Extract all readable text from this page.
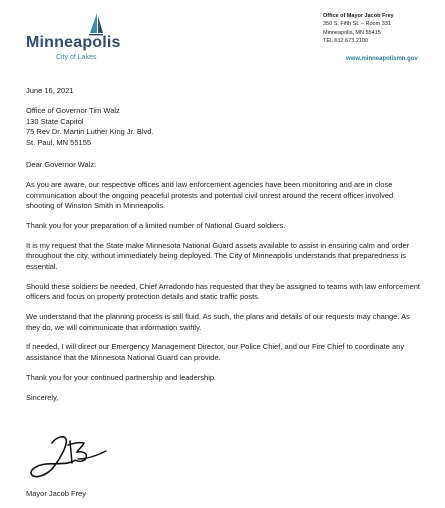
Minneapolis
City of Lakes
Office of Mayor Jacob Frey
350 S. Fifth St. – Room 331
Minneapolis, MN 55415
TEL 612.673.2100
www.minneapolismn.gov

June 16, 2021

Office of Governor Tim Walz

130 State Capitol

75 Rev Dr. Martin Luther King Jr. Blvd.

St. Paul, MN 55155

Dear Governor Walz:

As you are aware, our respective offices and law enforcement agencies have been monitoring and are in close communication about the ongoing peaceful protests and potential civil unrest around the recent officer involved shooting of Winston Smith in Minneapolis.

Thank you for your preparation of a limited number of National Guard soldiers.

It is my request that the State make Minnesota National Guard assets available to assist in ensuring calm and order throughout the city, without immediately being deployed. The City of Minneapolis understands that preparedness is essential.

Should these soldiers be needed, Chief Arradondo has requested that they be assigned to teams with law enforcement officers and focus on property protection details and static traffic posts.

We understand that the planning process is still fluid. As such, the plans and details of our requests may change. As they do, we will communicate that information swiftly.

If needed, I will direct our Emergency Management Director, our Police Chief, and our Fire Chief to coordinate any assistance that the Minnesota National Guard can provide.

Thank you for your continued partnership and leadership.

Sincerely,

Mayor Jacob Frey
